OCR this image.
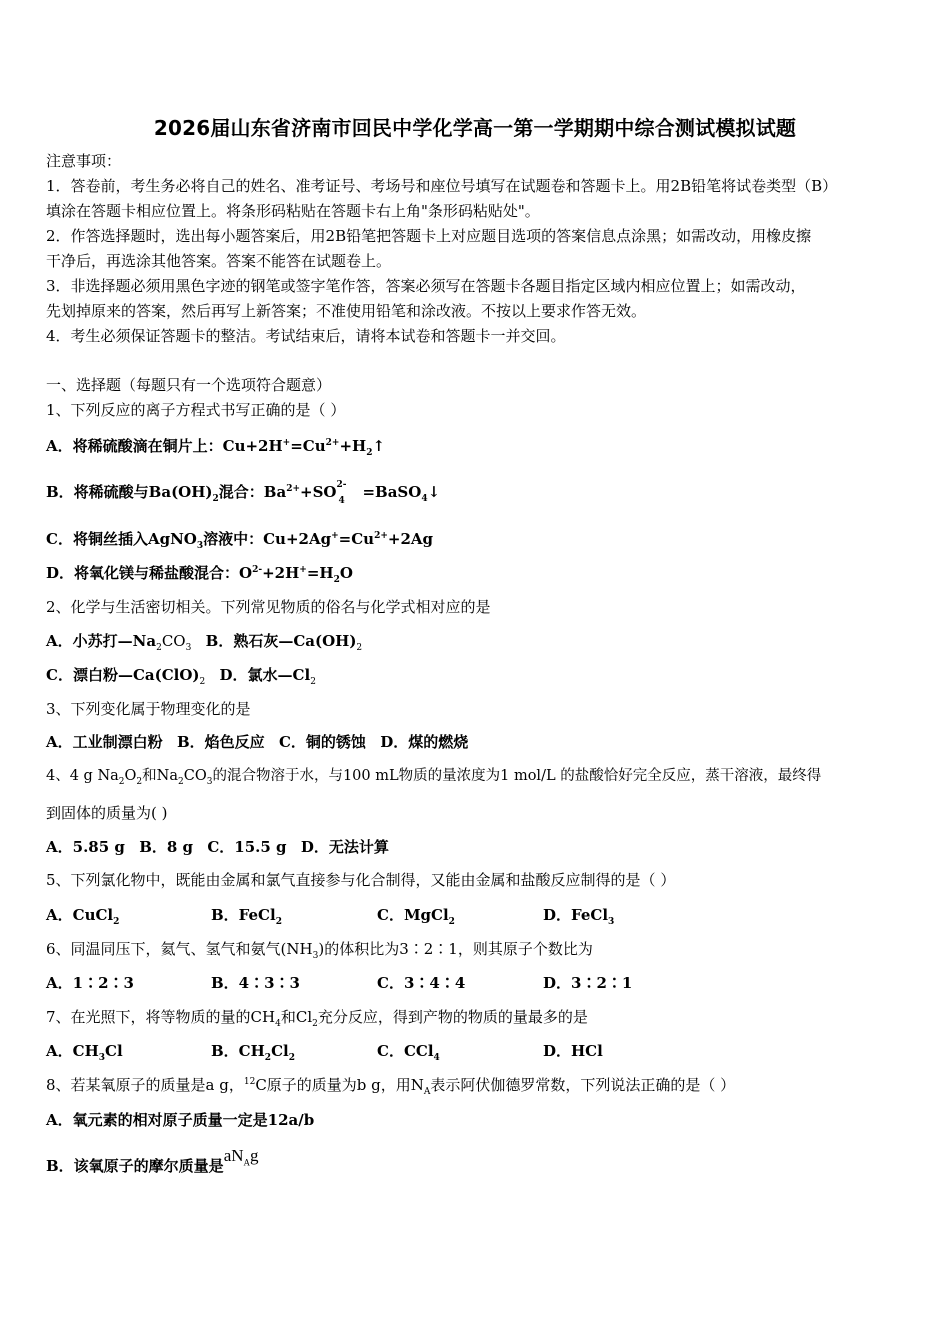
2026届山东省济南市回民中学化学高一第一学期期中综合测试模拟试题
注意事项：
1．答卷前，考生务必将自己的姓名、准考证号、考场号和座位号填写在试题卷和答题卡上。用2B铅笔将试卷类型（B）
填涂在答题卡相应位置上。将条形码粘贴在答题卡右上角"条形码粘贴处"。
2．作答选择题时，选出每小题答案后，用2B铅笔把答题卡上对应题目选项的答案信息点涂黑；如需改动，用橡皮擦
干净后，再选涂其他答案。答案不能答在试题卷上。
3．非选择题必须用黑色字迹的钢笔或签字笔作答，答案必须写在答题卡各题目指定区域内相应位置上；如需改动，
先划掉原来的答案，然后再写上新答案；不准使用铅笔和涂改液。不按以上要求作答无效。
4．考生必须保证答题卡的整洁。考试结束后，请将本试卷和答题卡一并交回。
一、选择题（每题只有一个选项符合题意）
1、下列反应的离子方程式书写正确的是（ ）
A．将稀硫酸滴在铜片上：$Cu+2H^+=Cu^{2+}+H_2↑$
B．将稀硫酸与$Ba(OH)_2$混合：$Ba^{2+}+SO$ 2-
4 =BaSO$_4$↓
C．将铜丝插入AgNO$_3$溶液中：$Cu+2Ag^+=Cu^{2+}+2Ag$
D．将氧化镁与稀盐酸混合：$O^{2-}+2H^+=H_2O$
2、化学与生活密切相关。下列常见物质的俗名与化学式相对应的是
A．小苏打$—Na_2CO_3$ B．熟石灰$—Ca(OH)_2$
C．漂白粉$—Ca(ClO)_2$ D．氯水$—Cl_2$
3、下列变化属于物理变化的是
A．工业制漂白粉 B．焰色反应 C．铜的锈蚀 D．煤的燃烧
4、4 g $Na_2O_2$和$Na_2CO_3$的混合物溶于水，与100 mL物质的量浓度为1 mol/L 的盐酸恰好完全反应，蒸干溶液，最终得
到固体的质量为( )
A．5.85 g B．8 g C．15.5 g D．无法计算
5、下列氯化物中，既能由金属和氯气直接参与化合制得，又能由金属和盐酸反应制得的是（ ）
A．CuCl$_2$	B．FeCl$_2$	C．MgCl$_2$	D．FeCl$_3$
6、同温同压下，氦气、氢气和氨气$(NH_3)$的体积比为3∶2∶1，则其原子个数比为
A．1∶2∶3	B．4∶3∶3	C．3∶4∶4	D．3∶2∶1
7、在光照下，将等物质的量的$CH_4$和$Cl_2$充分反应，得到产物的物质的量最多的是
A．$CH_3Cl$	B．$CH_2Cl_2$	C．CCl$_4$	D．HCl
8、若某氧原子的质量是a g，$^{12}$C原子的质量为b g，用$N_A$表示阿伏伽德罗常数，下列说法正确的是（ ）
A．氧元素的相对原子质量一定是12a/b
B．该氧原子的摩尔质量是$aN_Ag$
